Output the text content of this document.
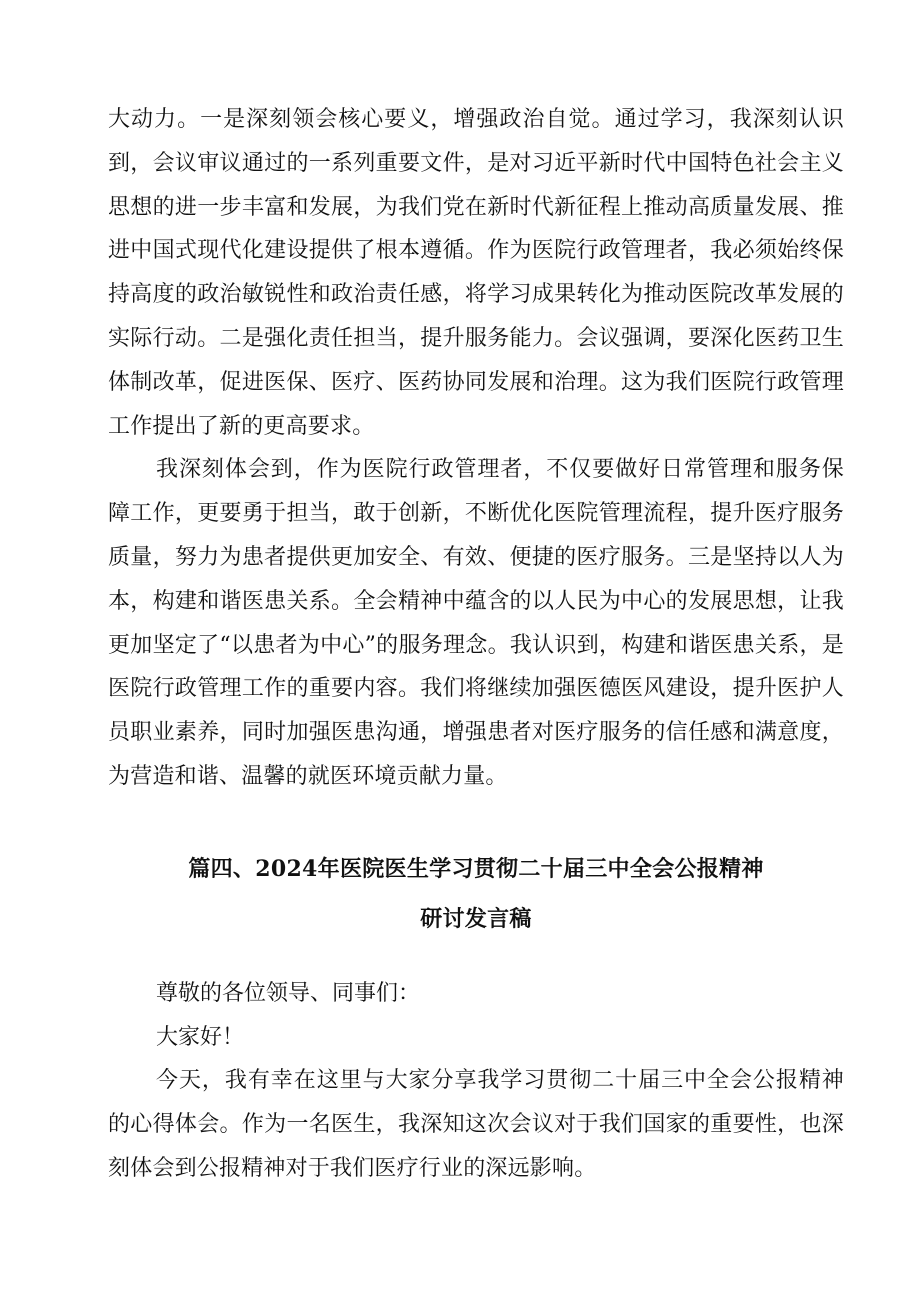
大动力。一是深刻领会核心要义，增强政治自觉。通过学习，我深刻认识到，会议审议通过的一系列重要文件，是对习近平新时代中国特色社会主义思想的进一步丰富和发展，为我们党在新时代新征程上推动高质量发展、推进中国式现代化建设提供了根本遵循。作为医院行政管理者，我必须始终保持高度的政治敏锐性和政治责任感，将学习成果转化为推动医院改革发展的实际行动。二是强化责任担当，提升服务能力。会议强调，要深化医药卫生体制改革，促进医保、医疗、医药协同发展和治理。这为我们医院行政管理工作提出了新的更高要求。

我深刻体会到，作为医院行政管理者，不仅要做好日常管理和服务保障工作，更要勇于担当，敢于创新，不断优化医院管理流程，提升医疗服务质量，努力为患者提供更加安全、有效、便捷的医疗服务。三是坚持以人为本，构建和谐医患关系。全会精神中蕴含的以人民为中心的发展思想，让我更加坚定了“以患者为中心”的服务理念。我认识到，构建和谐医患关系，是医院行政管理工作的重要内容。我们将继续加强医德医风建设，提升医护人员职业素养，同时加强医患沟通，增强患者对医疗服务的信任感和满意度，为营造和谐、温馨的就医环境贡献力量。

篇四、2024年医院医生学习贯彻二十届三中全会公报精神
研讨发言稿

尊敬的各位领导、同事们：

大家好！

今天，我有幸在这里与大家分享我学习贯彻二十届三中全会公报精神的心得体会。作为一名医生，我深知这次会议对于我们国家的重要性，也深刻体会到公报精神对于我们医疗行业的深远影响。
